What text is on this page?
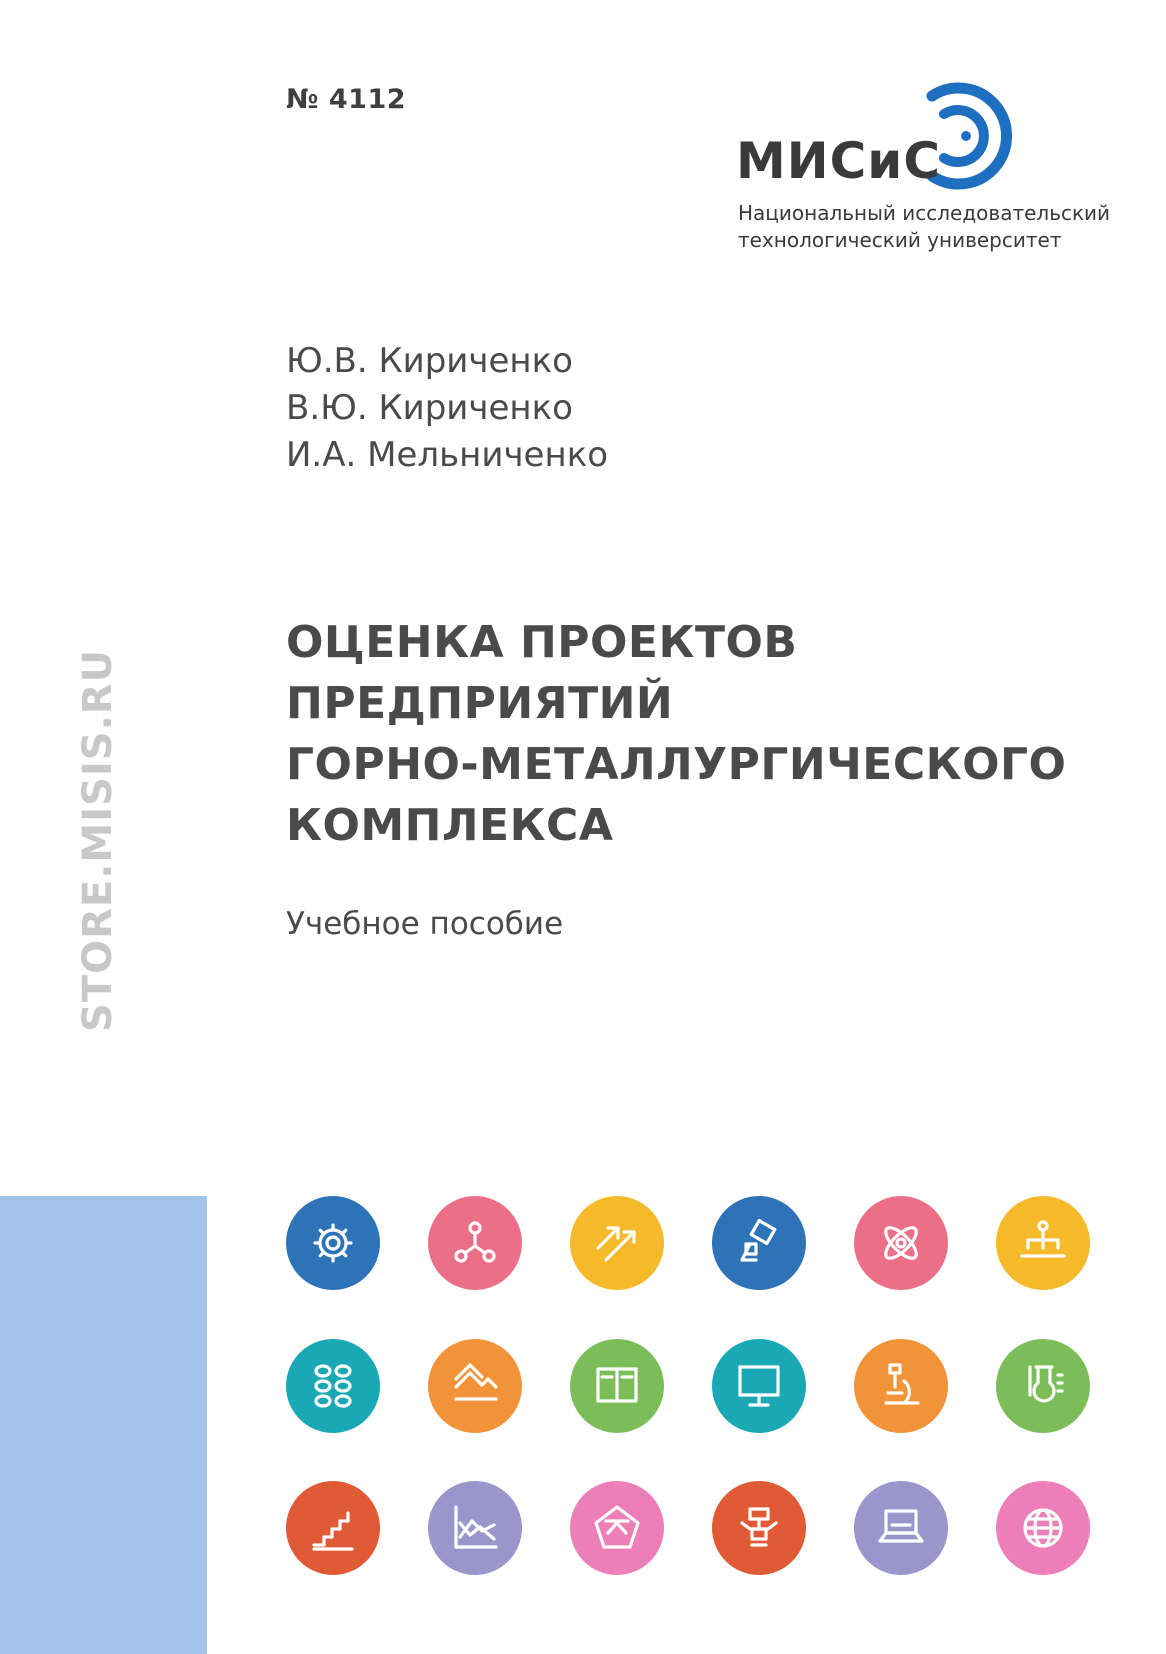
№ 4112
МИСиС
Национальный исследовательский
технологический университет
Ю.В. Кириченко
В.Ю. Кириченко
И.А. Мельниченко
ОЦЕНКА ПРОЕКТОВ
ПРЕДПРИЯТИЙ
ГОРНО-МЕТАЛЛУРГИЧЕСКОГО
КОМПЛЕКСА
Учебное пособие
STORE.MISIS.RU
